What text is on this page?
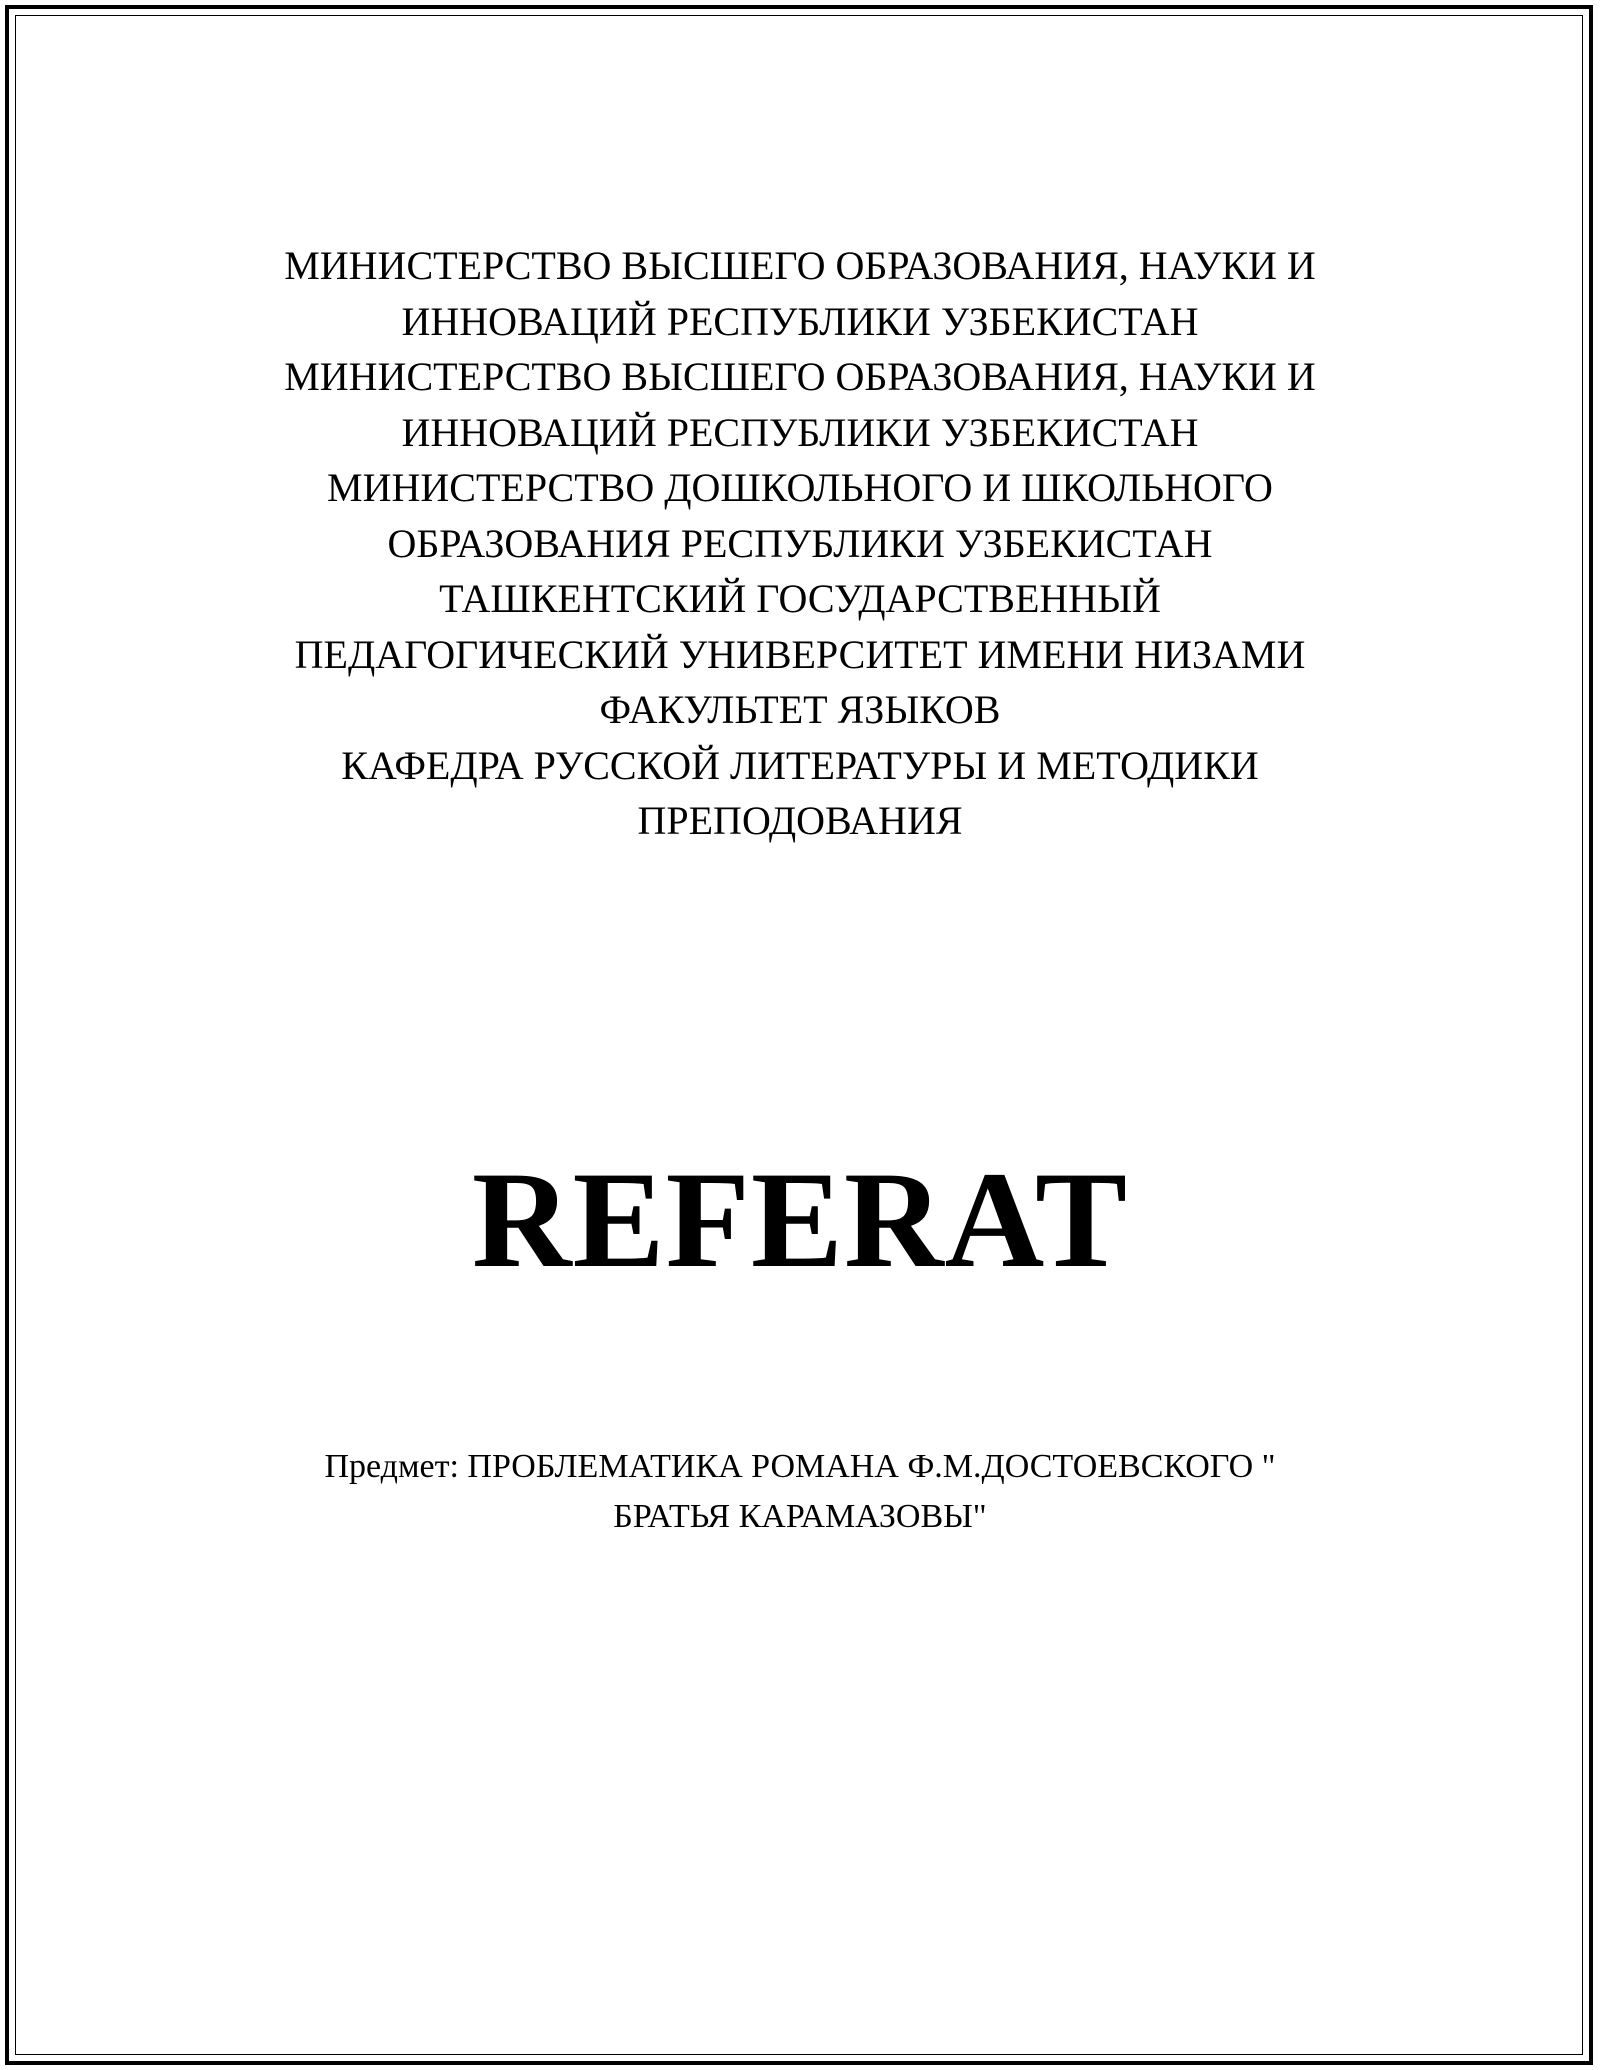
МИНИСТЕРСТВО ВЫСШЕГО ОБРАЗОВАНИЯ, НАУКИ И
ИННОВАЦИЙ РЕСПУБЛИКИ УЗБЕКИСТАН
МИНИСТЕРСТВО ВЫСШЕГО ОБРАЗОВАНИЯ, НАУКИ И
ИННОВАЦИЙ РЕСПУБЛИКИ УЗБЕКИСТАН
МИНИСТЕРСТВО ДОШКОЛЬНОГО И ШКОЛЬНОГО
ОБРАЗОВАНИЯ РЕСПУБЛИКИ УЗБЕКИСТАН
ТАШКЕНТСКИЙ ГОСУДАРСТВЕННЫЙ
ПЕДАГОГИЧЕСКИЙ УНИВЕРСИТЕТ ИМЕНИ НИЗАМИ
ФАКУЛЬТЕТ ЯЗЫКОВ
КАФЕДРА РУССКОЙ ЛИТЕРАТУРЫ И МЕТОДИКИ
ПРЕПОДОВАНИЯ
REFERAT
Предмет: ПРОБЛЕМАТИКА РОМАНА Ф.М.ДОСТОЕВСКОГО "
БРАТЬЯ КАРАМАЗОВЫ"
